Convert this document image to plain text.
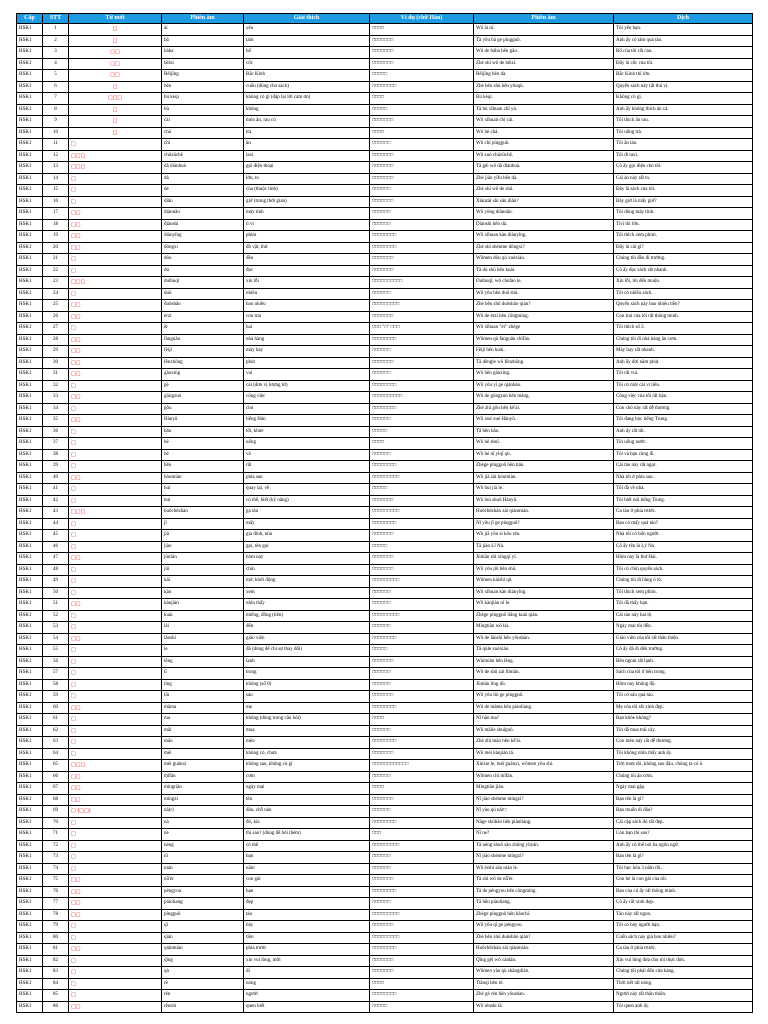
Cấp	STT	Từ mới	Phiên âm	Giải thích	Ví dụ (chữ Hán)	Phiên âm	Dịch
HSK1	1	□	ài	yêu	□□□□	Wǒ ài nǐ.	Tôi yêu bạn.
HSK1	2	□	bā	tám	□□□□□□□	Tā yǒu bā ge píngguǒ.	Anh ấy có tám quả táo.
HSK1	3	□□	bàba	bố	□□□□□□□	Wǒ de bàba hěn gāo.	Bố của tôi rất cao.
HSK1	4	□□	bēizi	cốc	□□□□□□□	Zhè shì wǒ de bēizi.	Đây là cốc của tôi.
HSK1	5	□□	Běijīng	Bắc Kinh	□□□□□	Běijīng hěn dà.	Bắc Kinh thì lớn.
HSK1	6	□	běn	cuốn (dùng cho sách)	□□□□□□□□	Zhè běn shū hěn yǒuqù.	Quyển sách này rất thú vị.
HSK1	7	□□□	bú kèqi	không có gì (đáp lại lời cảm ơn)	□□□□	Bú kèqi.	Không có gì.
HSK1	8	□	bù	không	□□□□□	Tā bù xǐhuan chī yú.	Anh ấy không thích ăn cá.
HSK1	9	□	cài	món ăn, rau củ	□□□□□□□	Wǒ xǐhuan chī cài.	Tôi thích ăn rau.
HSK1	10	□	chá	trà	□□□□	Wǒ hē chá.	Tôi uống trà.
HSK1	11	□	chī	ăn	□□□□□□	Wǒ chī píngguǒ.	Tôi ăn táo.
HSK1	12	□□□	chūzūchē	taxi	□□□□□□□	Wǒ zuò chūzūchē.	Tôi đi taxi.
HSK1	13	□□□	dǎ diànhuà	gọi điện thoại	□□□□□□□	Tā gěi wǒ dǎ diànhuà.	Cô ấy gọi điện cho tôi.
HSK1	14	□	dà	lớn, to	□□□□□□□	Zhè jiān yīfu hěn dà.	Cái áo này rất to.
HSK1	15	□	de	của (thuộc tính)	□□□□□□	Zhè shì wǒ de shū.	Đây là sách của tôi.
HSK1	16	□	diǎn	giờ (trong thời gian)	□□□□□□□	Xiànzài shì sān diǎn?	Bây giờ là mấy giờ?
HSK1	17	□□	diànnǎo	máy tính	□□□□□□	Wǒ yòng diànnǎo.	Tôi dùng máy tính.
HSK1	18	□□	diànshì	ti vi	□□□□□□	Diànshì hěn dà.	Tivi thì lớn.
HSK1	19	□□	diànyǐng	phim	□□□□□□□□	Wǒ xǐhuan kàn diànyǐng.	Tôi thích xem phim.
HSK1	20	□□	dōngxi	đồ vật, thứ	□□□□□□□□	Zhè shì shénme dōngxi?	Đây là cái gì?
HSK1	21	□	dōu	đều	□□□□□□□	Wǒmen dōu qù xuéxiào.	Chúng tôi đều đi trường.
HSK1	22	□	dú	đọc	□□□□□□□	Tā dú shū hěn kuài.	Cô ấy đọc sách rất nhanh.
HSK1	23	□□□	duìbuqǐ	xin lỗi	□□□□□□□□□□	Duìbuqǐ, wǒ chídào le.	Xin lỗi, tôi đến muộn.
HSK1	24	□	duō	nhiều	□□□□□□	Wǒ yǒu hěn duō shū.	Tôi có nhiều sách.
HSK1	25	□□	duōshǎo	bao nhiêu	□□□□□□□□□	Zhè běn shū duōshǎo qián?	Quyển sách này bao nhiêu tiền?
HSK1	26	□□	érzi	con trai	□□□□□□□	Wǒ de érzi hěn cōngming.	Con trai của tôi rất thông minh.
HSK1	27	□	èr	hai	□□□ "□" □□□	Wǒ xǐhuan "èr" zhège	Tôi thích số 2.
HSK1	28	□□	fànguǎn	nhà hàng	□□□□□□□□	Wǒmen qù fànguǎn chīfàn.	Chúng tôi đi nhà hàng ăn cơm.
HSK1	29	□□	fēijī	máy bay	□□□□□□	Fēijī hěn kuài.	Máy bay rất nhanh.
HSK1	30	□□	fēnzhōng	phút	□□□□□□□	Tā děngle wǔ fēnzhōng.	Anh ấy đợi năm phút.
HSK1	31	□□	gāoxìng	vui	□□□□□□	Wǒ hěn gāoxìng.	Tôi rất vui.
HSK1	32	□	gè	cái (đơn vị lượng từ)	□□□□□□□□	Wǒ yǒu yí ge qiánbāo.	Tôi có một cái ví tiền.
HSK1	33	□□	gōngzuò	công việc	□□□□□□□□□□	Wǒ de gōngzuò hěn máng.	Công việc của tôi rất bận.
HSK1	34	□	gǒu	chó	□□□□□□□□	Zhè zhī gǒu hěn kě'ài.	Con chó này rất dễ thương.
HSK1	35	□□	Hànyǔ	tiếng Hán	□□□□□□	Wǒ xué xué Hànyǔ.	Tôi đang học tiếng Trung.
HSK1	36	□	hǎo	tốt, khỏe	□□□□□	Tā hěn hǎo.	Anh ấy rất tốt.
HSK1	37	□	hē	uống	□□□□	Wǒ hē shuǐ.	Tôi uống nước.
HSK1	38	□	hé	và	□□□□□□	Wǒ hé nǐ yìqǐ qù.	Tôi và bạn cùng đi.
HSK1	39	□	hěn	rất	□□□□□□□□	Zhège píngguǒ hěn tián.	Cái táo này rất ngọt.
HSK1	40	□□	hòumiàn	phía sau	□□□□□□□□□	Wǒ jiā zài hòumiàn.	Nhà tôi ở phía sau.
HSK1	41	□	huí	quay lại, về	□□□□□	Wǒ huí jiā le.	Tôi đã về nhà.
HSK1	42	□	huì	có thể, biết (kỹ năng)	□□□□□□□	Wǒ huì shuō Hànyǔ.	Tôi biết nói tiếng Trung.
HSK1	43	□□□	huǒchēzhàn	ga tàu	□□□□□□□□□	Huǒchēzhàn zài qiánmiàn.	Ga tàu ở phía trước.
HSK1	44	□	jǐ	mấy	□□□□□□□□	Nǐ yǒu jǐ ge píngguǒ?	Bạn có mấy quả táo?
HSK1	45	□	jiā	gia đình, nhà	□□□□□□□	Wǒ jiā yǒu sì kǒu rén.	Nhà tôi có bốn người.
HSK1	46	□	jiào	gọi, tên gọi	□□□□□	Tā jiào Lǐ Nà.	Cô ấy tên là Lý Na.
HSK1	47	□□	jīntiān	hôm nay	□□□□□□□	Jīntiān shì xīngqī yī.	Hôm nay là thứ Hai.
HSK1	48	□	jiǔ	chín	□□□□□□□	Wǒ yǒu jiǔ běn shū.	Tôi có chín quyển sách.
HSK1	49	□	kāi	mở, khởi động	□□□□□□□□□	Wǒmen kāishǐ qù.	Chúng tôi đi bằng ô tô.
HSK1	50	□	kàn	xem	□□□□□□	Wǒ xǐhuan kàn diànyǐng.	Tôi thích xem phim.
HSK1	51	□□	kànjiàn	nhìn thấy	□□□□□□	Wǒ kànjiàn nǐ le.	Tôi đã thấy bạn.
HSK1	52	□	kuài	miếng, đồng (tiền)	□□□□□□□□□	Zhège píngguǒ liǎng kuài qián.	Cái táo này hai tệ.
HSK1	53	□	lái	đến	□□□□□□	Míngtiān wǒ lái.	Ngày mai tôi đến.
HSK1	54	□□	lǎoshī	giáo viên	□□□□□□□□	Wǒ de lǎoshī hěn yǒushàn.	Giáo viên của tôi rất thân thiện.
HSK1	55	□	le	đã (dùng để chỉ sự thay đổi)	□□□□□	Tā qùle xuéxiào.	Cô ấy đã đi đến trường.
HSK1	56	□	lěng	lạnh	□□□□□□□	Wàimiàn hěn lěng.	Bên ngoài rất lạnh.
HSK1	57	□	lǐ	trong	□□□□□□	Wǒ de shū zài lǐmiàn.	Sách của tôi ở bên trong.
HSK1	58	□	líng	không (số 0)	□□□□□□	Jīntiān líng dù.	Hôm nay không độ.
HSK1	59	□	liù	sáu	□□□□□□□	Wǒ yǒu liù ge píngguǒ.	Tôi có sáu quả táo.
HSK1	60	□□	māma	mẹ	□□□□□□□□	Wǒ de māma hěn piàoliang.	Mẹ của tôi rất xinh đẹp.
HSK1	61	□	ma	không (dùng trong câu hỏi)	□□□□	Nǐ hǎo ma?	Bạn khỏe không?
HSK1	62	□	mǎi	mua	□□□□□□	Wǒ mǎile shuǐguǒ.	Tôi đã mua trái cây.
HSK1	63	□	māo	mèo	□□□□□□□□	Zhè zhī māo hěn kě'ài.	Con mèo này rất dễ thương.
HSK1	64	□	méi	không có, chưa	□□□□□□□	Wǒ méi kànjiàn tā.	Tôi không nhìn thấy anh ấy.
HSK1	65	□□□	méi guānxi	không sao, không có gì	□□□□□□□□□□□□	Xièxie le, méi guānxi, wǒmen yǒu shí.	Trời mưa rồi, không sao đâu, chúng ta có ô.
HSK1	66	□□	mǐfàn	cơm	□□□□□□	Wǒmen chī mǐfàn.	Chúng tôi ăn cơm.
HSK1	67	□□	míngtiān	ngày mai	□□□□	Míngtiān jiàn.	Ngày mai gặp.
HSK1	68	□□	míngzi	tên	□□□□□□□	Nǐ jiào shénme míngzi?	Bạn tên là gì?
HSK1	69	□ (□□)	nǎ(r)	đâu, chỗ nào	□□□□□□	Nǐ yào qù nǎr□	Bạn muốn đi đâu?
HSK1	70	□	nà	đó, kia	□□□□□□□□	Nàge shūbāo hěn piàoliang.	Cái cặp sách đó rất đẹp.
HSK1	71	□	ne	thì sao? (dùng để hỏi thêm)	□□□	Nǐ ne?	Còn bạn thì sao?
HSK1	72	□	néng	có thể	□□□□□□□□□	Tā néng shuō sān zhǒng yǔyán.	Anh ấy có thể nói ba ngôn ngữ.
HSK1	73	□	nǐ	bạn	□□□□□□	Nǐ jiào shénme míngzi?	Bạn tên là gì?
HSK1	74	□	nián	năm	□□□□□□	Wǒ èrshí sān nián le.	Tôi học hôn 3 năm rồi.
HSK1	75	□□	nǚ'ér	con gái	□□□□□□□	Tā shì wǒ de nǚ'ér.	Con bé là con gái của tôi.
HSK1	76	□□	péngyou	bạn	□□□□□□□□	Tā de péngyou hěn cōngmíng.	Bạn của cô ấy rất thông minh.
HSK1	77	□□	piàoliang	đẹp	□□□□□□	Tā hěn piàoliang.	Cô ấy rất xinh đẹp.
HSK1	78	□□	píngguǒ	táo	□□□□□□□□□	Zhège píngguǒ hěn hǎochī.	Táo này rất ngon.
HSK1	79	□	qī	bảy	□□□□□□□	Wǒ yǒu qī ge péngyou.	Tôi có bảy người bạn.
HSK1	80	□	qián	tiền	□□□□□□□□□	Zhè běn shū duōshǎo qián?	Cuốn sách này giá bao nhiêu?
HSK1	81	□□	qiánmiàn	phía trước	□□□□□□□□	Huǒchēzhàn zài qiánmiàn.	Ga tàu ở phía trước.
HSK1	82	□	qǐng	xin vui lòng, mời	□□□□□□□	Qǐng gěi wǒ càidān.	Xin vui lòng đưa cho tôi thực đơn.
HSK1	83	□	qù	đi	□□□□□□□	Wǒmen yào qù shāngdiàn.	Chúng tôi phải đến cửa hàng.
HSK1	84	□	rè	nóng	□□□□	Tiānqì hěn rè.	Thời tiết rất nóng.
HSK1	85	□	rén	người	□□□□□□□□	Zhè gè rén hěn yǒushàn.	Người này rất thân thiện.
HSK1	86	□□	rènshi	quen biết	□□□□□	Wǒ rènshi tā.	Tôi quen anh ấy.
